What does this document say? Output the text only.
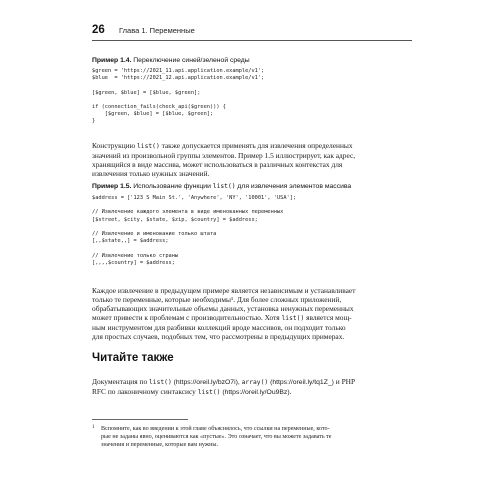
26 Глава 1. Переменные
Пример 1.4. Переключение синей/зеленой среды
$green = 'https://2021_11.api.application.example/v1';
$blue  = 'https://2021_12.api.application.example/v1';

[$green, $blue] = [$blue, $green];

if (connection_fails(check_api($green))) {
[$green, $blue] = [$blue, $green];
}
Конструкцию list() также допускается применять для извлечения определенных
значений из произвольной группы элементов. Пример 1.5 иллюстрирует, как адрес,
хранящийся в виде массива, может использоваться в различных контекстах для
извлечения только нужных значений.
Пример 1.5. Использование функции list() для извлечения элементов массива
$address = ['123 S Main St.', 'Anywhere', 'NY', '10001', 'USA'];

// Извлечение каждого элемента в виде именованных переменных
[$street, $city, $state, $zip, $country] = $address;

// Извлечение и именование только штата
[,,$state,,] = $address;

// Извлечение только страны
[,,,,$country] = $address;
Каждое извлечение в предыдущем примере является независимым и устанавливает
только те переменные, которые необходимы¹. Для более сложных приложений,
обрабатывающих значительные объемы данных, установка ненужных переменных
может привести к проблемам с производительностью. Хотя list() является мощ-
ным инструментом для разбивки коллекций вроде массивов, он подходит только
для простых случаев, подобных тем, что рассмотрены в предыдущих примерах.
Читайте также
Документация по list() (https://oreil.ly/bzO7i), array() (https://oreil.ly/tq1Z_) и PHP
RFC по лаконичному синтаксису list() (https://oreil.ly/Ou9Bz).
1	Вспомните, как во введении к этой главе объяснялось, что ссылки на переменные, кото-
рые не заданы явно, оцениваются как «пустые». Это означает, что вы можете задавать те
значения и переменные, которые вам нужны.
